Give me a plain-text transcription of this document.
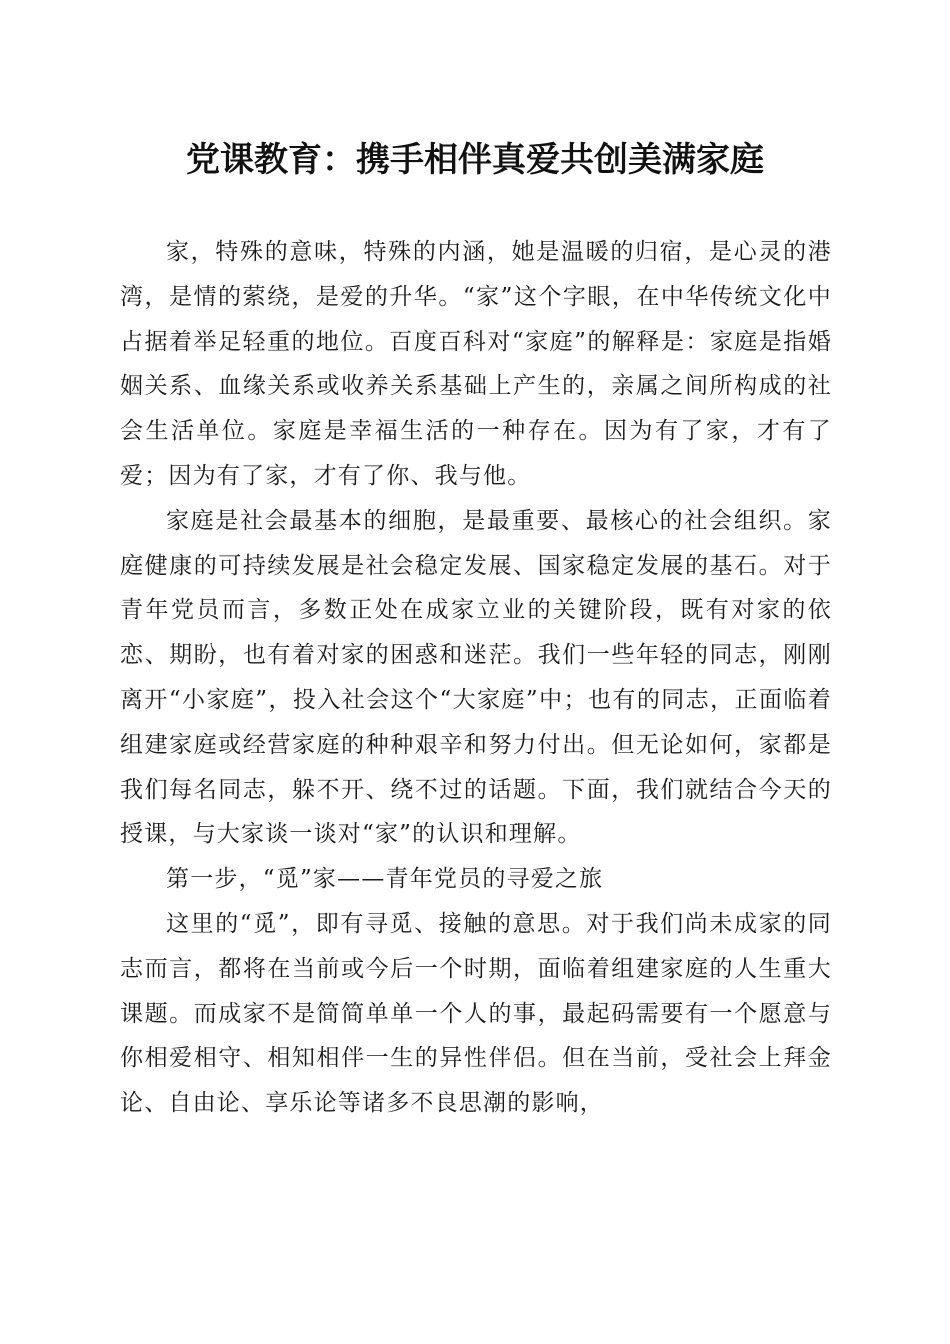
党课教育：携手相伴真爱共创美满家庭

家，特殊的意味，特殊的内涵，她是温暖的归宿，是心灵的港湾，是情的萦绕，是爱的升华。“家”这个字眼，在中华传统文化中占据着举足轻重的地位。百度百科对“家庭”的解释是：家庭是指婚姻关系、血缘关系或收养关系基础上产生的，亲属之间所构成的社会生活单位。家庭是幸福生活的一种存在。因为有了家，才有了爱；因为有了家，才有了你、我与他。

家庭是社会最基本的细胞，是最重要、最核心的社会组织。家庭健康的可持续发展是社会稳定发展、国家稳定发展的基石。对于青年党员而言，多数正处在成家立业的关键阶段，既有对家的依恋、期盼，也有着对家的困惑和迷茫。我们一些年轻的同志，刚刚离开“小家庭”，投入社会这个“大家庭”中；也有的同志，正面临着组建家庭或经营家庭的种种艰辛和努力付出。但无论如何，家都是我们每名同志，躲不开、绕不过的话题。下面，我们就结合今天的授课，与大家谈一谈对“家”的认识和理解。

第一步，“觅”家——青年党员的寻爱之旅

这里的“觅”，即有寻觅、接触的意思。对于我们尚未成家的同志而言，都将在当前或今后一个时期，面临着组建家庭的人生重大课题。而成家不是简简单单一个人的事，最起码需要有一个愿意与你相爱相守、相知相伴一生的异性伴侣。但在当前，受社会上拜金论、自由论、享乐论等诸多不良思潮的影响，
